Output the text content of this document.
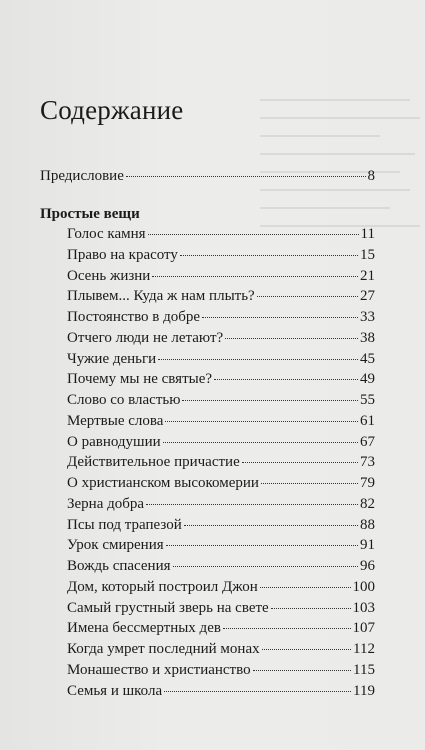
Содержание
Предисловие	8
Простые вещи
Голос камня	11
Право на красоту	15
Осень жизни	21
Плывем... Куда ж нам плыть?	27
Постоянство в добре	33
Отчего люди не летают?	38
Чужие деньги	45
Почему мы не святые?	49
Слово со властью	55
Мертвые слова	61
О равнодушии	67
Действительное причастие	73
О христианском высокомерии	79
Зерна добра	82
Псы под трапезой	88
Урок смирения	91
Вождь спасения	96
Дом, который построил Джон	100
Самый грустный зверь на свете	103
Имена бессмертных дев	107
Когда умрет последний монах	112
Монашество и христианство	115
Семья и школа	119
